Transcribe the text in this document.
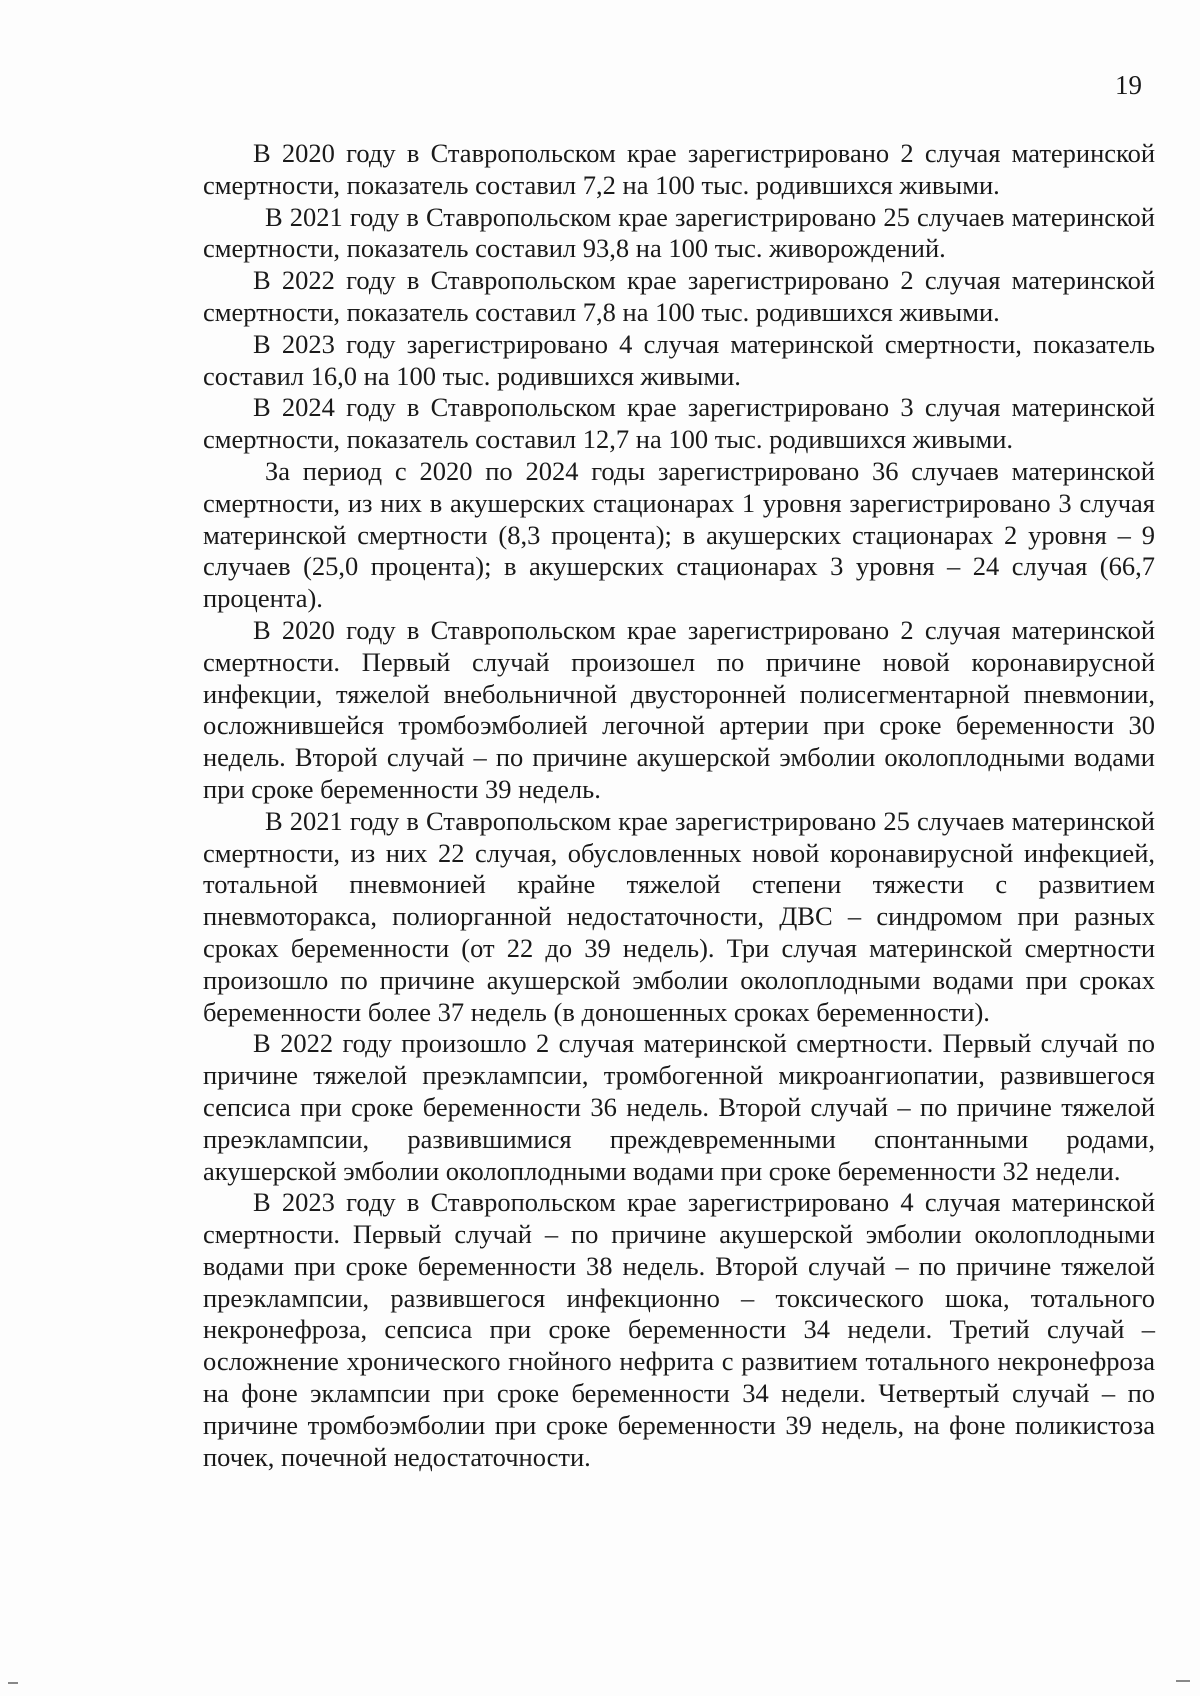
19

В 2020 году в Ставропольском крае зарегистрировано 2 случая материнской смертности, показатель составил 7,2 на 100 тыс. родившихся живыми.

В 2021 году в Ставропольском крае зарегистрировано 25 случаев материнской смертности, показатель составил 93,8 на 100 тыс. живорождений.

В 2022 году в Ставропольском крае зарегистрировано 2 случая материнской смертности, показатель составил 7,8 на 100 тыс. родившихся живыми.

В 2023 году зарегистрировано 4 случая материнской смертности, показатель составил 16,0 на 100 тыс. родившихся живыми.

В 2024 году в Ставропольском крае зарегистрировано 3 случая материнской смертности, показатель составил 12,7 на 100 тыс. родившихся живыми.

За период с 2020 по 2024 годы зарегистрировано 36 случаев материнской смертности, из них в акушерских стационарах 1 уровня зарегистрировано 3 случая материнской смертности (8,3 процента); в акушерских стационарах 2 уровня – 9 случаев (25,0 процента); в акушерских стационарах 3 уровня – 24 случая (66,7 процента).

В 2020 году в Ставропольском крае зарегистрировано 2 случая материнской смертности. Первый случай произошел по причине новой коронавирусной инфекции, тяжелой внебольничной двусторонней полисегментарной пневмонии, осложнившейся тромбоэмболией легочной артерии при сроке беременности 30 недель. Второй случай – по причине акушерской эмболии околоплодными водами при сроке беременности 39 недель.

В 2021 году в Ставропольском крае зарегистрировано 25 случаев материнской смертности, из них 22 случая, обусловленных новой коронавирусной инфекцией, тотальной пневмонией крайне тяжелой степени тяжести с развитием пневмоторакса, полиорганной недостаточности, ДВС – синдромом при разных сроках беременности (от 22 до 39 недель). Три случая материнской смертности произошло по причине акушерской эмболии околоплодными водами при сроках беременности более 37 недель (в доношенных сроках беременности).

В 2022 году произошло 2 случая материнской смертности. Первый случай по причине тяжелой преэклампсии, тромбогенной микроангиопатии, развившегося сепсиса при сроке беременности 36 недель. Второй случай – по причине тяжелой преэклампсии, развившимися преждевременными спонтанными родами, акушерской эмболии околоплодными водами при сроке беременности 32 недели.

В 2023 году в Ставропольском крае зарегистрировано 4 случая материнской смертности. Первый случай – по причине акушерской эмболии околоплодными водами при сроке беременности 38 недель. Второй случай – по причине тяжелой преэклампсии, развившегося инфекционно – токсического шока, тотального некронефроза, сепсиса при сроке беременности 34 недели. Третий случай – осложнение хронического гнойного нефрита с развитием тотального некронефроза на фоне эклампсии при сроке беременности 34 недели. Четвертый случай – по причине тромбоэмболии при сроке беременности 39 недель, на фоне поликистоза почек, почечной недостаточности.
